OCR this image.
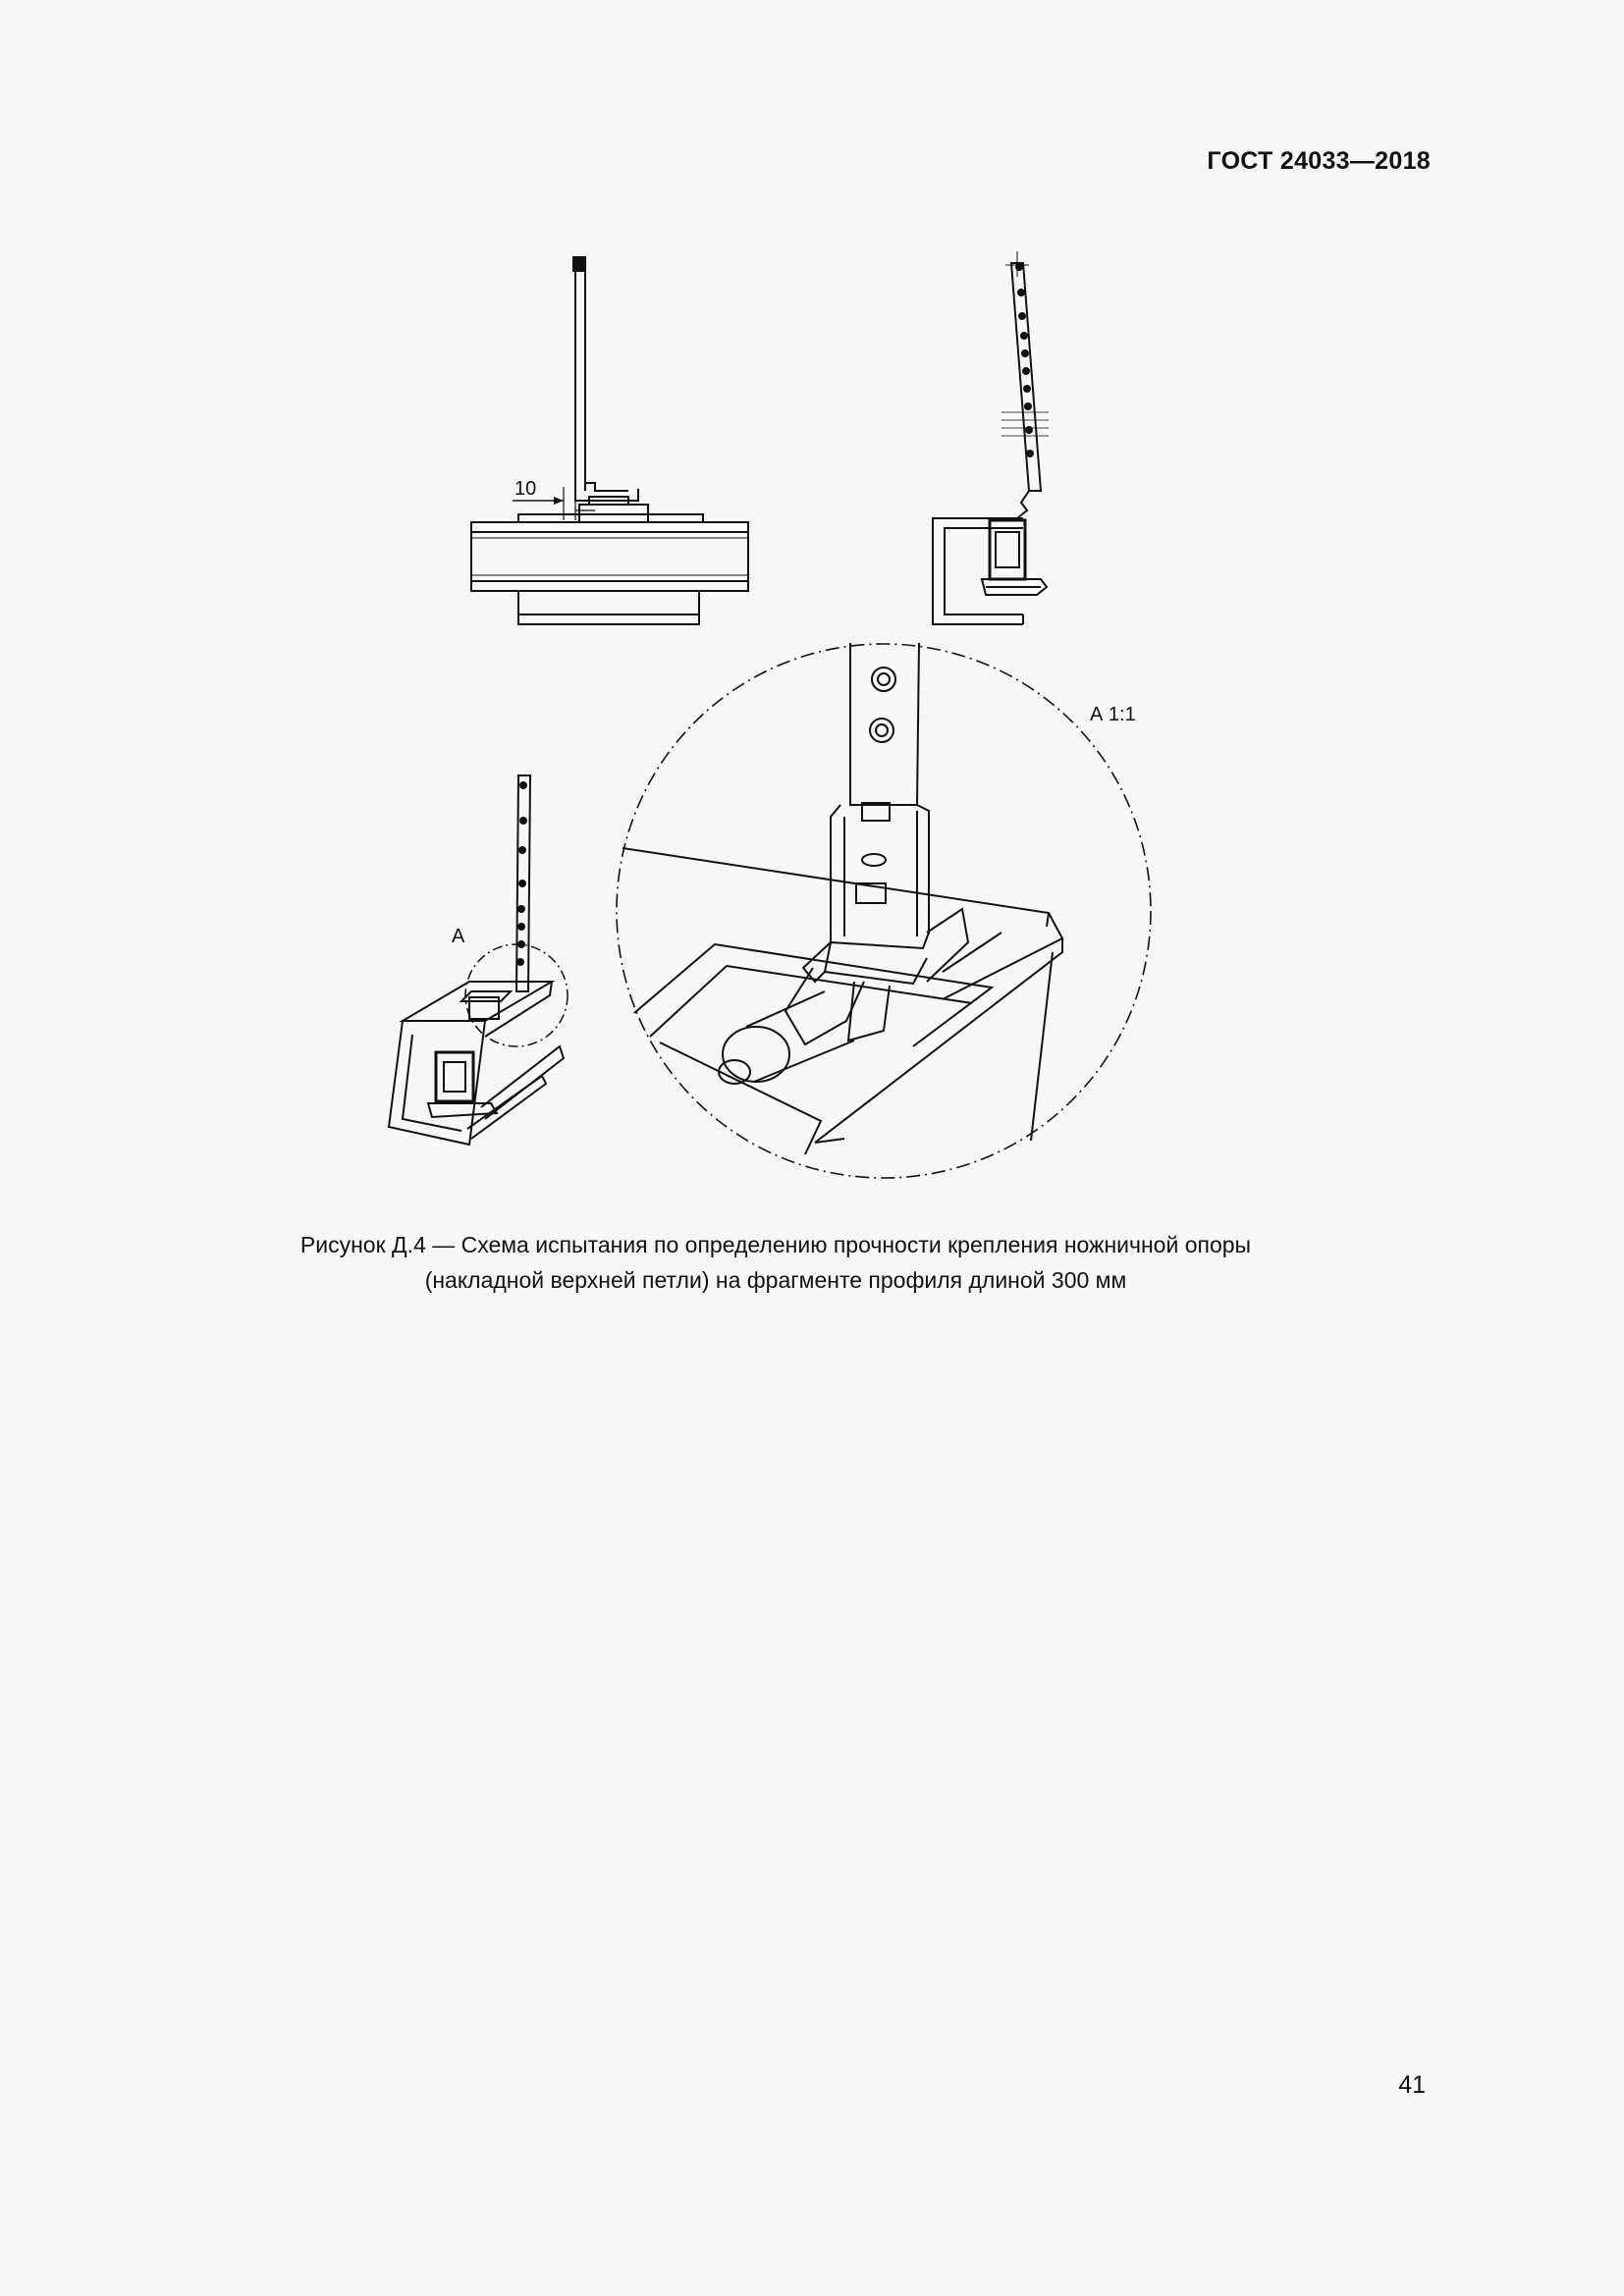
ГОСТ 24033—2018
10
А
А 1:1
Рисунок Д.4 — Схема испытания по определению прочности крепления ножничной опоры
(накладной верхней петли) на фрагменте профиля длиной 300 мм
41
